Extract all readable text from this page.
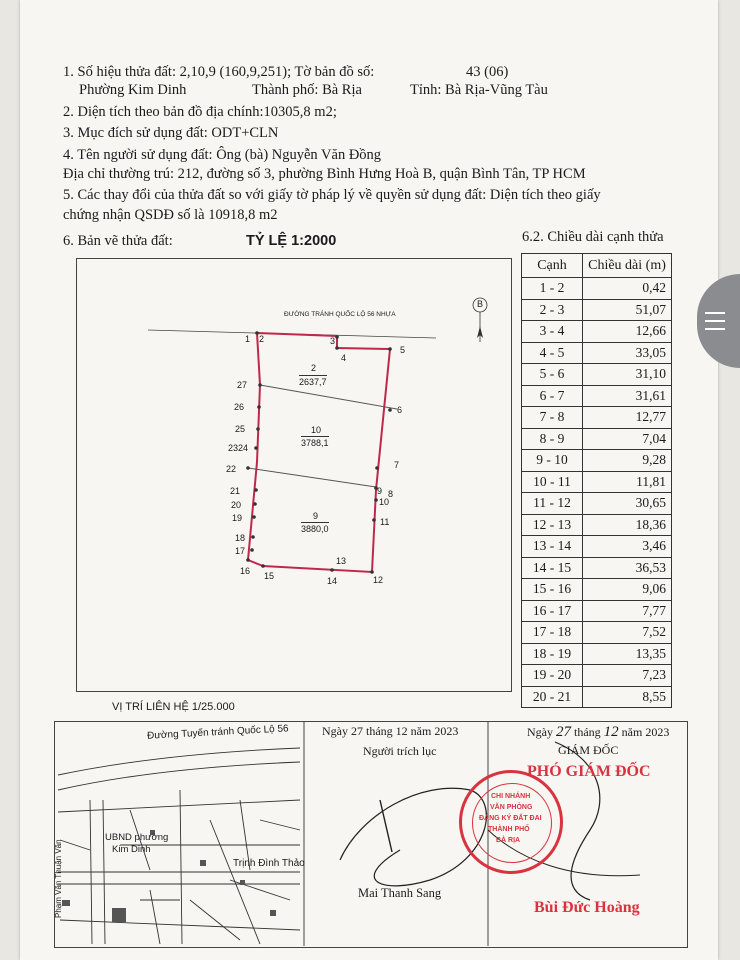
1. Số hiệu thửa đất: 2,10,9 (160,9,251); Tờ bản đồ số:	43 (06)
Phường Kim Dinh	Thành phố: Bà Rịa	Tỉnh: Bà Rịa-Vũng Tàu
2. Diện tích theo bản đồ địa chính:10305,8 m2;
3. Mục đích sử dụng đất: ODT+CLN
4. Tên người sử dụng đất: Ông (bà) Nguyễn Văn Đồng
Địa chỉ thường trú: 212, đường số 3, phường Bình Hưng Hoà B, quận Bình Tân, TP HCM
5. Các thay đổi của thửa đất so với giấy tờ pháp lý về quyền sử dụng đất: Diện tích theo giấy
chứng nhận QSDĐ số là 10918,8 m2
6. Bản vẽ thửa đất:	TỶ LỆ 1:2000	6.2. Chiều dài cạnh thửa
Cạnh	Chiều dài (m)
1 - 2	0,42
2 - 3	51,07
3 - 4	12,66
4 - 5	33,05
5 - 6	31,10
6 - 7	31,61
7 - 8	12,77
8 - 9	7,04
9 - 10	9,28
10 - 11	11,81
11 - 12	30,65
12 - 13	18,36
13 - 14	3,46
14 - 15	36,53
15 - 16	9,06
16 - 17	7,77
17 - 18	7,52
18 - 19	13,35
19 - 20	7,23
20 - 21	8,55
ĐƯỜNG TRÁNH QUỐC LỘ 56 NHỰA
B
2
2637,7
10
3788,1
9
3880,0
1 2	3
4
5
6
7
8
9
10
11
12
13
14
15
16
17
18
19
20
21
22
2324
25
26
27
VỊ TRÍ LIÊN HỆ 1/25.000
Đường Tuyến tránh Quốc Lộ 56
Trịnh Đình Thảo
Phạm Văn Thuận Văn
UBND phường
Kim Dinh
Ngày 27 tháng 12 năm 2023
Người trích lục
Mai Thanh Sang
Ngày 27 tháng 12 năm 2023
GIÁM ĐỐC
PHÓ GIÁM ĐỐC
Bùi Đức Hoàng
CHI NHÁNH
VĂN PHÒNG
ĐĂNG KÝ ĐẤT ĐAI
THÀNH PHỐ
BÀ RỊA
